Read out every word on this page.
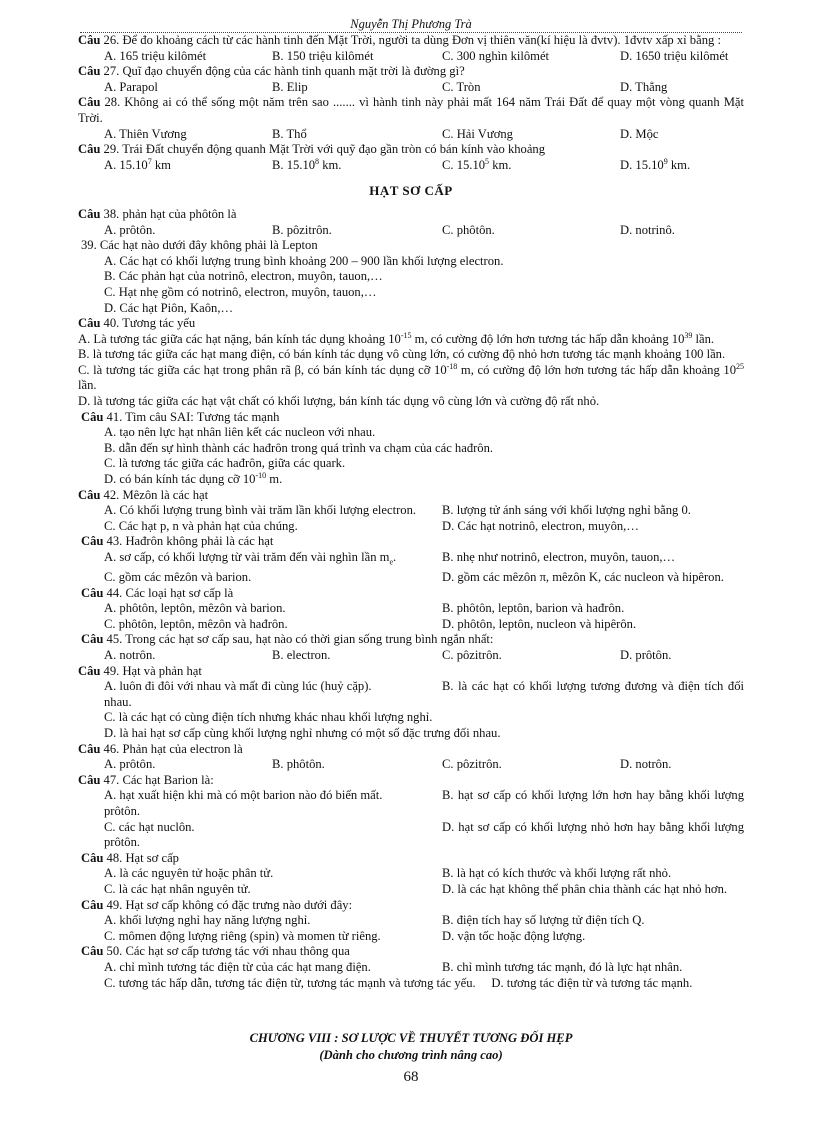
Nguyễn Thị Phương Trà

Câu 26. Để đo khoảng cách từ các hành tinh đến Mặt Trời, người ta dùng Đơn vị thiên văn(kí hiệu là đvtv). 1đvtv xấp xỉ bằng :

A. 165 triệu kilômét	B. 150 triệu kilômét	C. 300 nghìn kilômét	D. 1650 triệu kilômét

Câu 27. Quĩ đạo chuyển động của các hành tinh quanh mặt trời là đường gì?

A. Parapol	B. Elip	C. Tròn	D. Thẳng

Câu 28. Không ai có thể sống một năm trên sao ....... vì hành tinh này phải mất 164 năm Trái Đất để quay một vòng quanh Mặt Trời.

A. Thiên Vương	B. Thổ	C. Hải Vương	D. Mộc

Câu 29. Trái Đất chuyển động quanh Mặt Trời với quỹ đạo gần tròn có bán kính vào khoảng

A. 15.10$^7$ km	B. 15.10$^8$ km.	C. 15.10$^5$ km.	D. 15.10$^9$ km.
HẠT SƠ CẤP

Câu 38. phản hạt của phôtôn là

A. prôtôn.	B. pôzitrôn.	C. phôtôn.	D. notrinô.

39. Các hạt nào dưới đây không phải là Lepton

A. Các hạt có khối lượng trung bình khoảng 200 – 900 lần khối lượng electron.

B. Các phản hạt của notrinô, electron, muyôn, tauon,…

C. Hạt nhẹ gồm có notrinô, electron, muyôn, tauon,…

D. Các hạt Piôn, Kaôn,…

Câu 40. Tương tác yếu

A. Là tương tác giữa các hạt nặng, bán kính tác dụng khoảng $10^{-15}$ m, có cường độ lớn hơn tương tác hấp dẫn khoảng $10^{39}$ lần.

B. là tương tác giữa các hạt mang điện, có bán kính tác dụng vô cùng lớn, có cường độ nhỏ hơn tương tác mạnh khoảng 100 lần.

C. là tương tác giữa các hạt trong phân rã β, có bán kính tác dụng cỡ $10^{-18}$ m, có cường độ lớn hơn tương tác hấp dẫn khoảng $10^{25}$ lần.

D. là tương tác giữa các hạt vật chất có khối lượng, bán kính tác dụng vô cùng lớn và cường độ rất nhỏ.

Câu 41. Tìm câu SAI: Tương tác mạnh

A. tạo nên lực hạt nhân liên kết các nucleon với nhau.

B. dẫn đến sự hình thành các hađrôn trong quá trình va chạm của các hađrôn.

C. là tương tác giữa các hađrôn, giữa các quark.

D. có bán kính tác dụng cỡ $10^{-10}$ m.

Câu 42. Mêzôn là các hạt

A. Có khối lượng trung bình vài trăm lần khối lượng electron.	B. lượng tử ánh sáng với khối lượng nghỉ bằng 0.
C. Các hạt p, n và phản hạt của chúng.	D. Các hạt notrinô, electron, muyôn,…

Câu 43. Hađrôn không phải là các hạt

A. sơ cấp, có khối lượng từ vài trăm đến vài nghìn lần $m_e$.	B. nhẹ như notrinô, electron, muyôn, tauon,…
C. gồm các mêzôn và barion.	D. gồm các mêzôn π, mêzôn K, các nucleon và hipêron.

Câu 44. Các loại hạt sơ cấp là

A. phôtôn, leptôn, mêzôn và barion.	B. phôtôn, leptôn, barion và hađrôn.
C. phôtôn, leptôn, mêzôn và hađrôn.	D. phôtôn, leptôn, nucleon và hipêrôn.

Câu 45. Trong các hạt sơ cấp sau, hạt nào có thời gian sống trung bình ngắn nhất:

A. notrôn.	B. electron.	C. pôzitrôn.	D. prôtôn.

Câu 49. Hạt và phản hạt

A. luôn đi đôi với nhau và mất đi cùng lúc (huỷ cặp).	B. là các hạt có khối lượng tương đương và điện tích đối nhau.

C. là các hạt có cùng điện tích nhưng khác nhau khối lượng nghỉ.

D. là hai hạt sơ cấp cùng khối lượng nghỉ nhưng có một số đặc trưng đối nhau.

Câu 46. Phản hạt của electron là

A. prôtôn.	B. phôtôn.	C. pôzitrôn.	D. notrôn.

Câu 47. Các hạt Barion là:

A. hạt xuất hiện khi mà có một barion nào đó biến mất.	B. hạt sơ cấp có khối lượng lớn hơn hay bằng khối lượng prôtôn.

C. các hạt nuclôn.	D. hạt sơ cấp có khối lượng nhỏ hơn hay bằng khối lượng prôtôn.

Câu 48. Hạt sơ cấp

A. là các nguyên tử hoặc phân tử.	B. là hạt có kích thước và khối lượng rất nhỏ.
C. là các hạt nhân nguyên tử.	D. là các hạt không thể phân chia thành các hạt nhỏ hơn.

Câu 49. Hạt sơ cấp không có đặc trưng nào dưới đây:

A. khối lượng nghỉ hay năng lượng nghỉ.	B. điện tích hay số lượng tử điện tích Q.
C. mômen động lượng riêng (spin) và momen từ riêng.	D. vận tốc hoặc động lượng.

Câu 50. Các hạt sơ cấp tương tác với nhau thông qua

A. chỉ mình tương tác điện từ của các hạt mang điện.	B. chỉ mình tương tác mạnh, đó là lực hạt nhân.

C. tương tác hấp dẫn, tương tác điện từ, tương tác mạnh và tương tác yếu.     D. tương tác điện từ và tương tác mạnh.

CHƯƠNG VIII : SƠ LƯỢC VỀ THUYẾT TƯƠNG ĐỐI HẸP
(Dành cho chương trình nâng cao)
68
